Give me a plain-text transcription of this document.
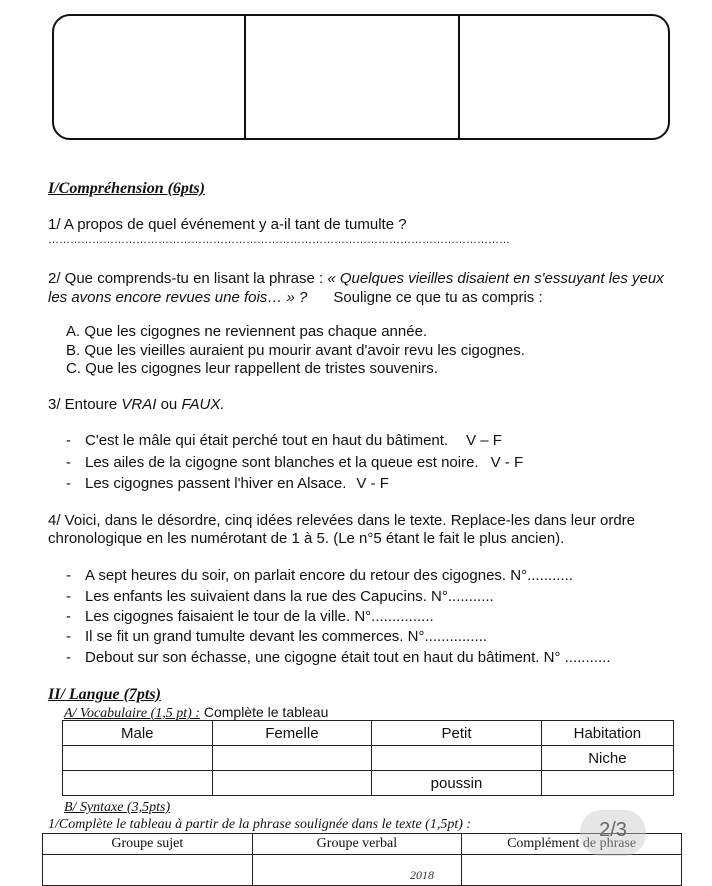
I/Compréhension (6pts)
1/ A propos de quel événement y a-il tant de tumulte ?
………………………………………………………………………………………………………………
2/ Que comprends-tu en lisant la phrase : « Quelques vieilles disaient en s'essuyant les yeux
les avons encore revues une fois… » ? Souligne ce que tu as compris :
A. Que les cigognes ne reviennent pas chaque année.
B. Que les vieilles auraient pu mourir avant d'avoir revu les cigognes.
C. Que les cigognes leur rappellent de tristes souvenirs.
3/ Entoure VRAI ou FAUX.
- C'est le mâle qui était perché tout en haut du bâtiment. V – F
- Les ailes de la cigogne sont blanches et la queue est noire. V - F
- Les cigognes passent l'hiver en Alsace. V - F
4/ Voici, dans le désordre, cinq idées relevées dans le texte. Replace-les dans leur ordre
chronologique en les numérotant de 1 à 5. (Le n°5 étant le fait le plus ancien).
- A sept heures du soir, on parlait encore du retour des cigognes. N°...........
- Les enfants les suivaient dans la rue des Capucins. N°...........
- Les cigognes faisaient le tour de la ville. N°...............
- Il se fit un grand tumulte devant les commerces. N°...............
- Debout sur son échasse, une cigogne était tout en haut du bâtiment. N° ...........
II/ Langue (7pts)
A/ Vocabulaire (1,5 pt) : Complète le tableau
Male	Femelle	Petit	Habitation
			Niche
		poussin	
B/ Syntaxe (3,5pts)
1/Complète le tableau à partir de la phrase soulignée dans le texte (1,5pt) :
Groupe sujet	Groupe verbal	Complément de phrase

2/3
2018
